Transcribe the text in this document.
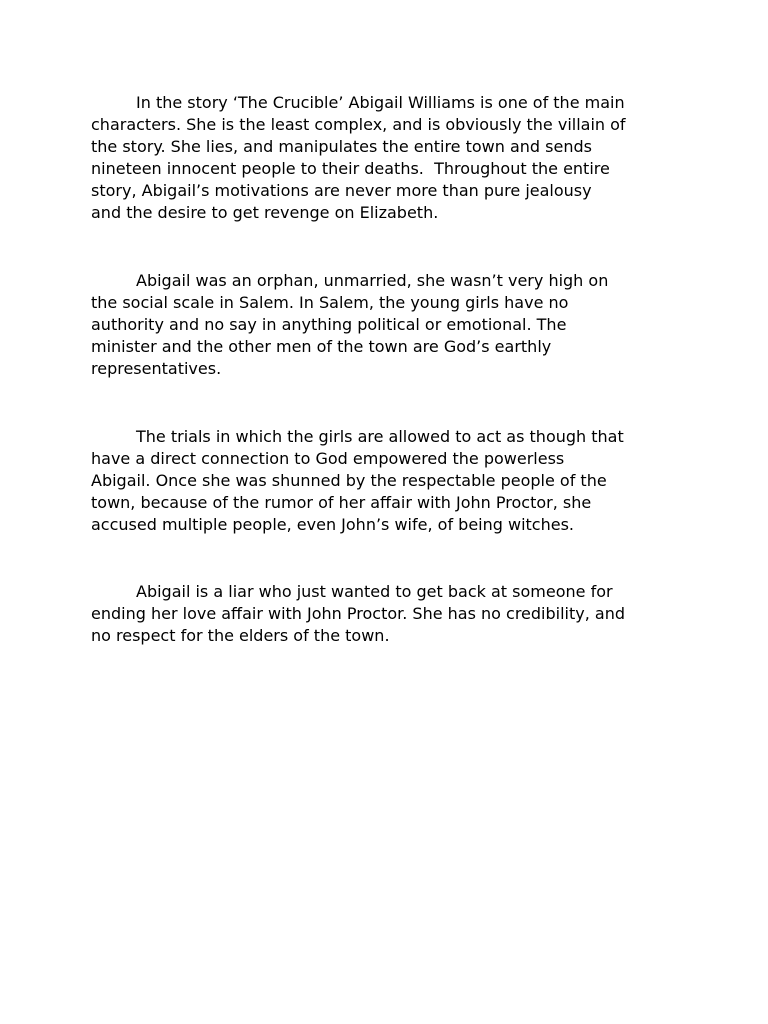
In the story ‘The Crucible’ Abigail Williams is one of the main
characters. She is the least complex, and is obviously the villain of
the story. She lies, and manipulates the entire town and sends
nineteen innocent people to their deaths.  Throughout the entire
story, Abigail’s motivations are never more than pure jealousy
and the desire to get revenge on Elizabeth.
Abigail was an orphan, unmarried, she wasn’t very high on
the social scale in Salem. In Salem, the young girls have no
authority and no say in anything political or emotional. The
minister and the other men of the town are God’s earthly
representatives.
The trials in which the girls are allowed to act as though that
have a direct connection to God empowered the powerless
Abigail. Once she was shunned by the respectable people of the
town, because of the rumor of her affair with John Proctor, she
accused multiple people, even John’s wife, of being witches.
Abigail is a liar who just wanted to get back at someone for
ending her love affair with John Proctor. She has no credibility, and
no respect for the elders of the town.
